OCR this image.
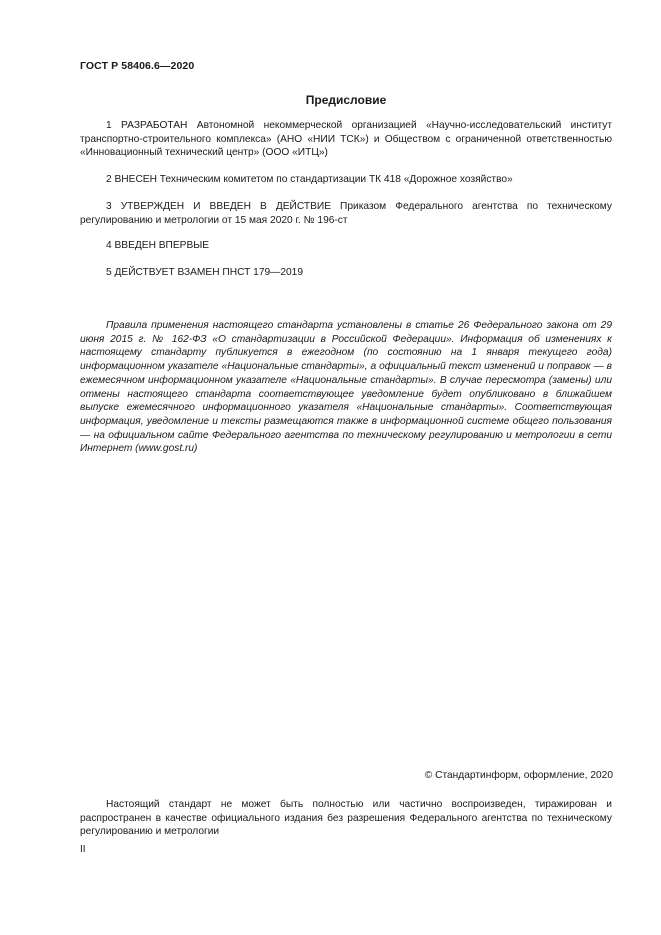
ГОСТ Р 58406.6—2020
Предисловие

1 РАЗРАБОТАН Автономной некоммерческой организацией «Научно-исследовательский институт транспортно-строительного комплекса» (АНО «НИИ ТСК») и Обществом с ограниченной ответственностью «Инновационный технический центр» (ООО «ИТЦ»)

2 ВНЕСЕН Техническим комитетом по стандартизации ТК 418 «Дорожное хозяйство»

3 УТВЕРЖДЕН И ВВЕДЕН В ДЕЙСТВИЕ Приказом Федерального агентства по техническому регулированию и метрологии от 15 мая 2020 г. № 196-ст

4 ВВЕДЕН ВПЕРВЫЕ

5 ДЕЙСТВУЕТ ВЗАМЕН ПНСТ 179—2019

Правила применения настоящего стандарта установлены в статье 26 Федерального закона от 29 июня 2015 г. № 162-ФЗ «О стандартизации в Российской Федерации». Информация об изменениях к настоящему стандарту публикуется в ежегодном (по состоянию на 1 января текущего года) информационном указателе «Национальные стандарты», а официальный текст изменений и поправок — в ежемесячном информационном указателе «Национальные стандарты». В случае пересмотра (замены) или отмены настоящего стандарта соответствующее уведомление будет опубликовано в ближайшем выпуске ежемесячного информационного указателя «Национальные стандарты». Соответствующая информация, уведомление и тексты размещаются также в информационной системе общего пользования — на официальном сайте Федерального агентства по техническому регулированию и метрологии в сети Интернет (www.gost.ru)

© Стандартинформ, оформление, 2020

Настоящий стандарт не может быть полностью или частично воспроизведен, тиражирован и распространен в качестве официального издания без разрешения Федерального агентства по техническому регулированию и метрологии

II
